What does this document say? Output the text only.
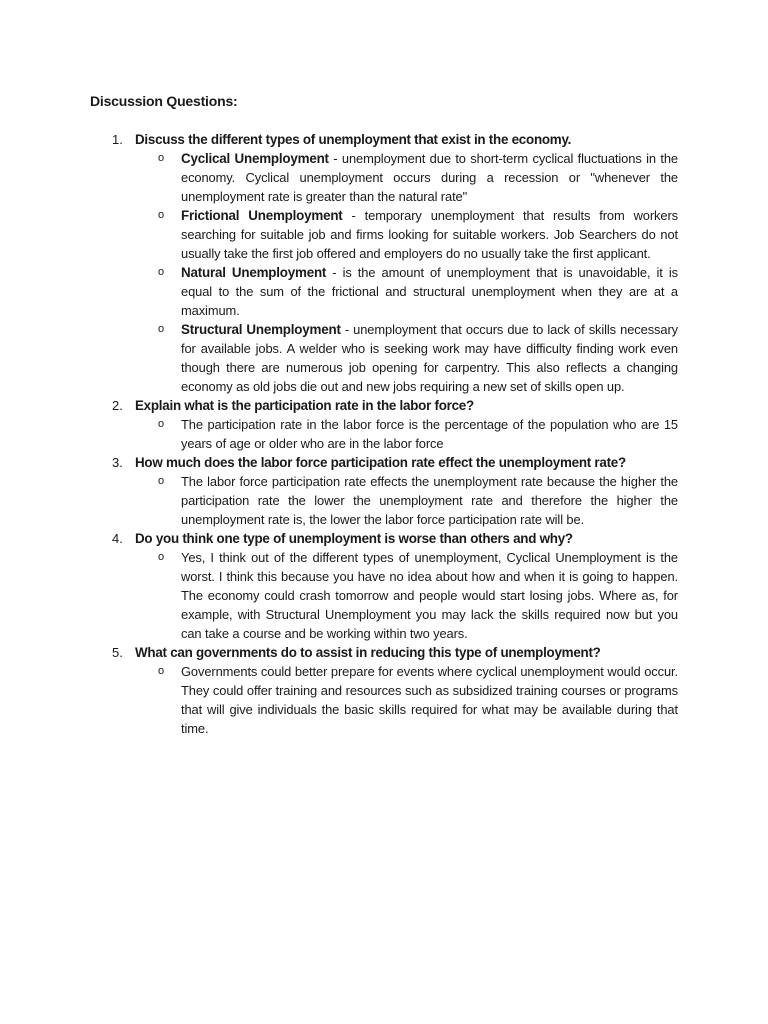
Discussion Questions:
1. Discuss the different types of unemployment that exist in the economy.
o Cyclical Unemployment - unemployment due to short-term cyclical fluctuations in the economy. Cyclical unemployment occurs during a recession or "whenever the unemployment rate is greater than the natural rate"
o Frictional Unemployment - temporary unemployment that results from workers searching for suitable job and firms looking for suitable workers. Job Searchers do not usually take the first job offered and employers do no usually take the first applicant.
o Natural Unemployment - is the amount of unemployment that is unavoidable, it is equal to the sum of the frictional and structural unemployment when they are at a maximum.
o Structural Unemployment - unemployment that occurs due to lack of skills necessary for available jobs. A welder who is seeking work may have difficulty finding work even though there are numerous job opening for carpentry. This also reflects a changing economy as old jobs die out and new jobs requiring a new set of skills open up.
2. Explain what is the participation rate in the labor force?
o The participation rate in the labor force is the percentage of the population who are 15 years of age or older who are in the labor force
3. How much does the labor force participation rate effect the unemployment rate?
o The labor force participation rate effects the unemployment rate because the higher the participation rate the lower the unemployment rate and therefore the higher the unemployment rate is, the lower the labor force participation rate will be.
4. Do you think one type of unemployment is worse than others and why?
o Yes, I think out of the different types of unemployment, Cyclical Unemployment is the worst. I think this because you have no idea about how and when it is going to happen. The economy could crash tomorrow and people would start losing jobs. Where as, for example, with Structural Unemployment you may lack the skills required now but you can take a course and be working within two years.
5. What can governments do to assist in reducing this type of unemployment?
o Governments could better prepare for events where cyclical unemployment would occur. They could offer training and resources such as subsidized training courses or programs that will give individuals the basic skills required for what may be available during that time.
